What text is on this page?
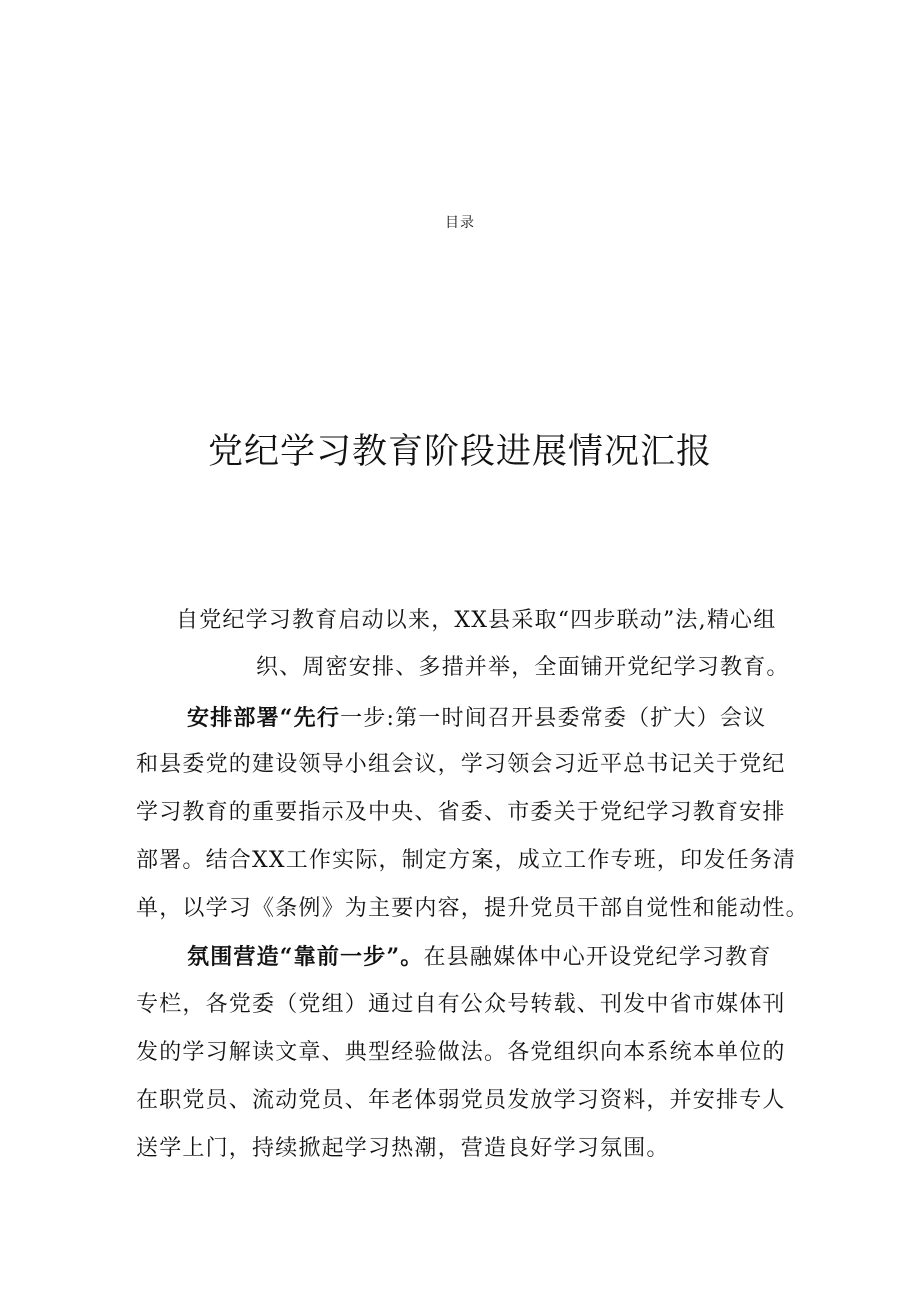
目录
党纪学习教育阶段进展情况汇报
自党纪学习教育启动以来，XX县采取“四步联动”法,精心组
织、周密安排、多措并举，全面铺开党纪学习教育。
安排部署“先行一步:第一时间召开县委常委（扩大）会议
和县委党的建设领导小组会议，学习领会习近平总书记关于党纪
学习教育的重要指示及中央、省委、市委关于党纪学习教育安排
部署。结合XX工作实际，制定方案，成立工作专班，印发任务清
单，以学习《条例》为主要内容，提升党员干部自觉性和能动性。
氛围营造“靠前一步”。在县融媒体中心开设党纪学习教育
专栏，各党委（党组）通过自有公众号转载、刊发中省市媒体刊
发的学习解读文章、典型经验做法。各党组织向本系统本单位的
在职党员、流动党员、年老体弱党员发放学习资料，并安排专人
送学上门，持续掀起学习热潮，营造良好学习氛围。
